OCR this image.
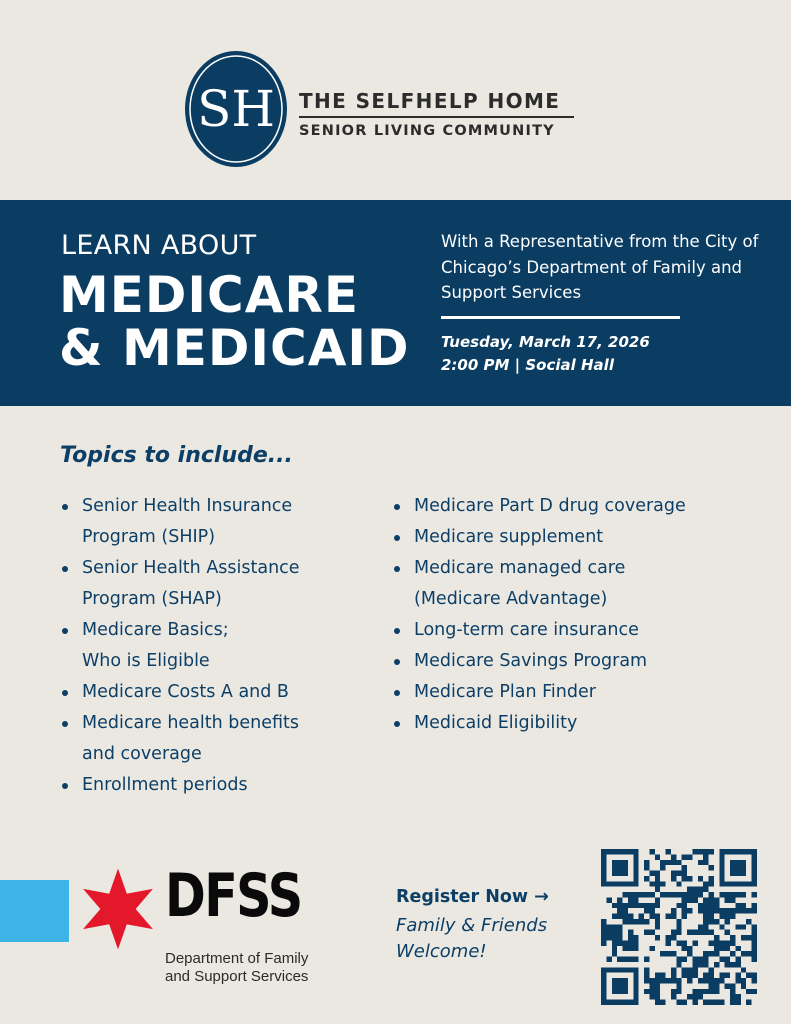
SH THE SELFHELP HOME
SENIOR LIVING COMMUNITY
LEARN ABOUT
MEDICARE
& MEDICAID
With a Representative from the City of Chicago’s Department of Family and Support Services
Tuesday, March 17, 2026
2:00 PM | Social Hall
Topics to include...
Senior Health Insurance
Program (SHIP)
Senior Health Assistance
Program (SHAP)
Medicare Basics;
Who is Eligible
Medicare Costs A and B
Medicare health benefits
and coverage
Enrollment periods
Medicare Part D drug coverage
Medicare supplement
Medicare managed care
(Medicare Advantage)
Long-term care insurance
Medicare Savings Program
Medicare Plan Finder
Medicaid Eligibility
DFSS
Department of Family
and Support Services
Register Now →
Family & Friends
Welcome!
